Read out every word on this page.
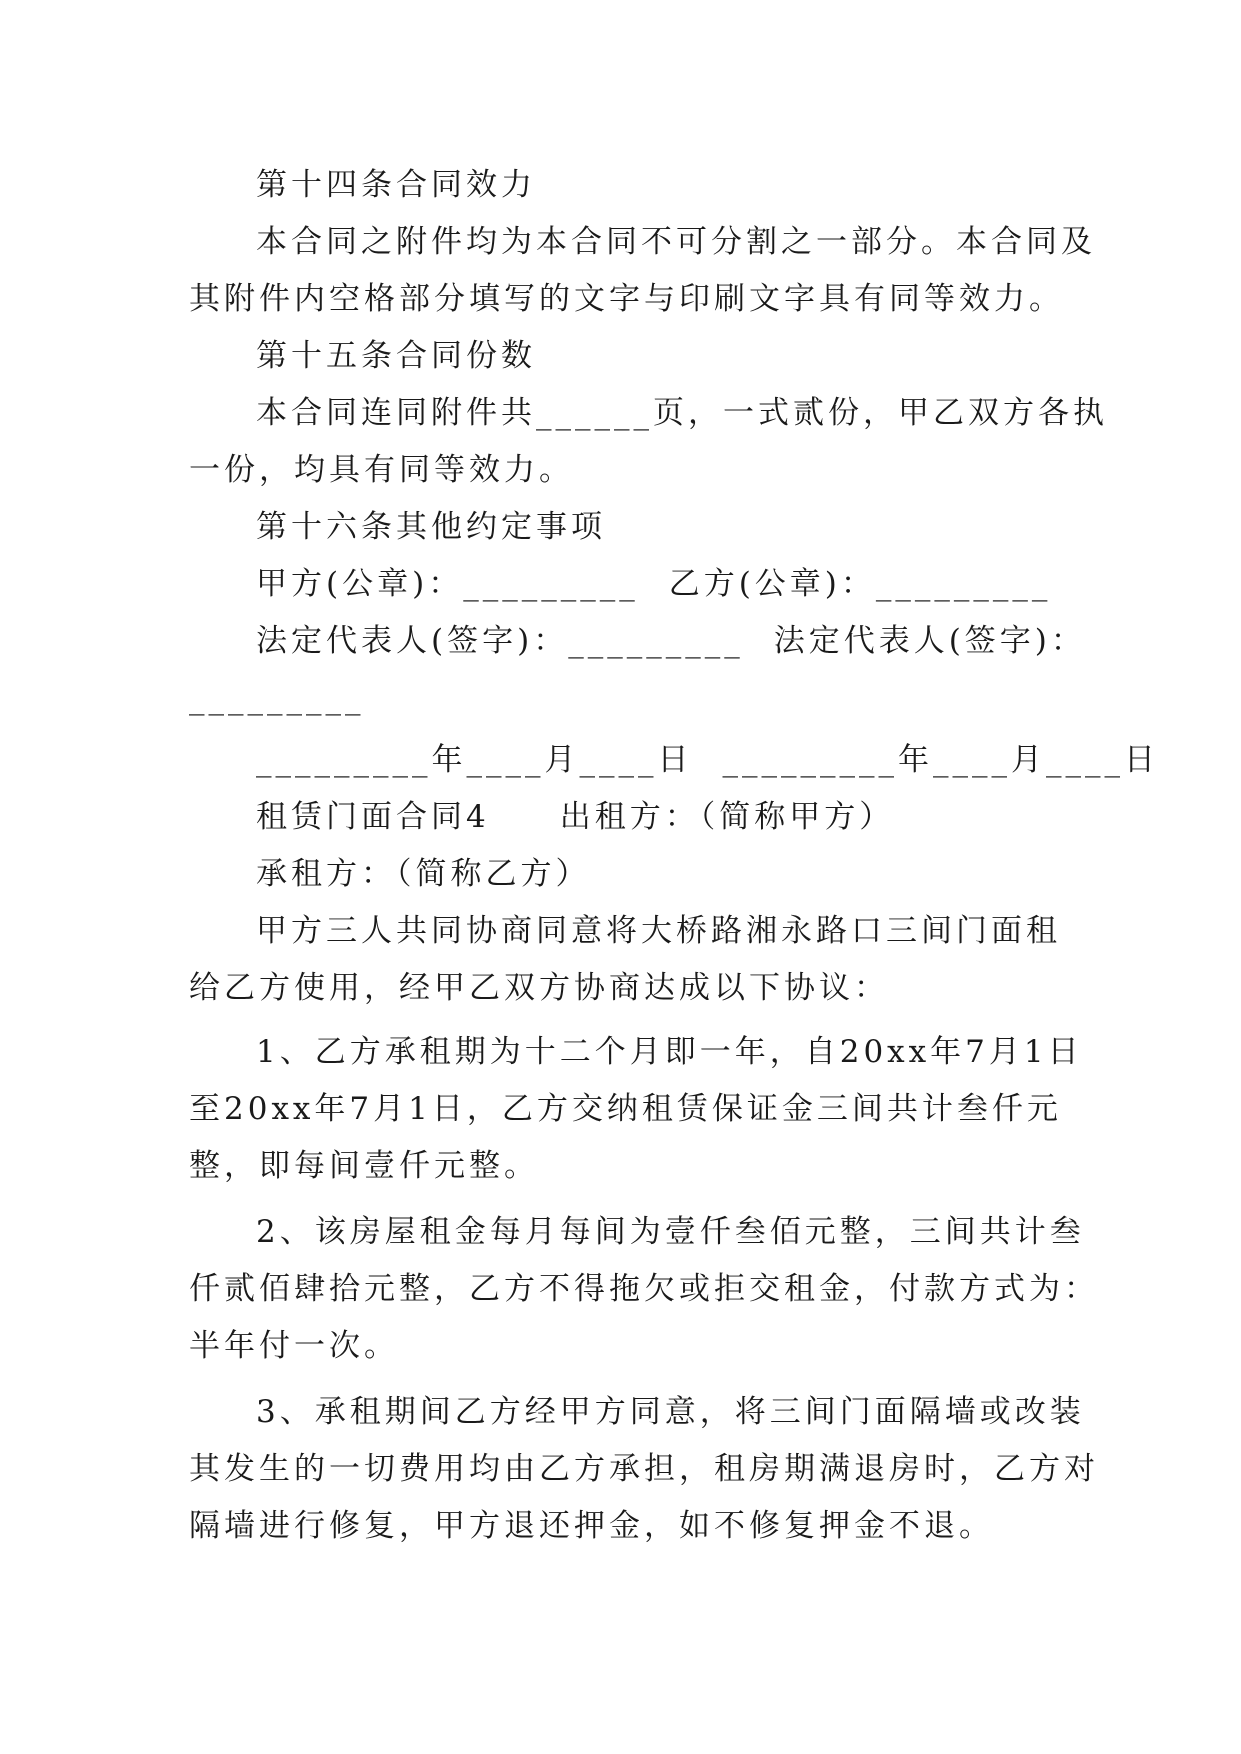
第十四条合同效力
本合同之附件均为本合同不可分割之一部分。本合同及
其附件内空格部分填写的文字与印刷文字具有同等效力。
第十五条合同份数
本合同连同附件共______页，一式贰份，甲乙双方各执
一份，均具有同等效力。
第十六条其他约定事项
甲方(公章)：_________ 乙方(公章)：_________
法定代表人(签字)：_________ 法定代表人(签字)：
_________
_________年____月____日 _________年____月____日
租赁门面合同4 出租方：（简称甲方）
承租方：（简称乙方）
甲方三人共同协商同意将大桥路湘永路口三间门面租
给乙方使用，经甲乙双方协商达成以下协议：
1、乙方承租期为十二个月即一年，自20xx年7月1日
至20xx年7月1日，乙方交纳租赁保证金三间共计叁仟元
整，即每间壹仟元整。
2、该房屋租金每月每间为壹仟叁佰元整，三间共计叁
仟贰佰肆拾元整，乙方不得拖欠或拒交租金，付款方式为：
半年付一次。
3、承租期间乙方经甲方同意，将三间门面隔墙或改装
其发生的一切费用均由乙方承担，租房期满退房时，乙方对
隔墙进行修复，甲方退还押金，如不修复押金不退。
